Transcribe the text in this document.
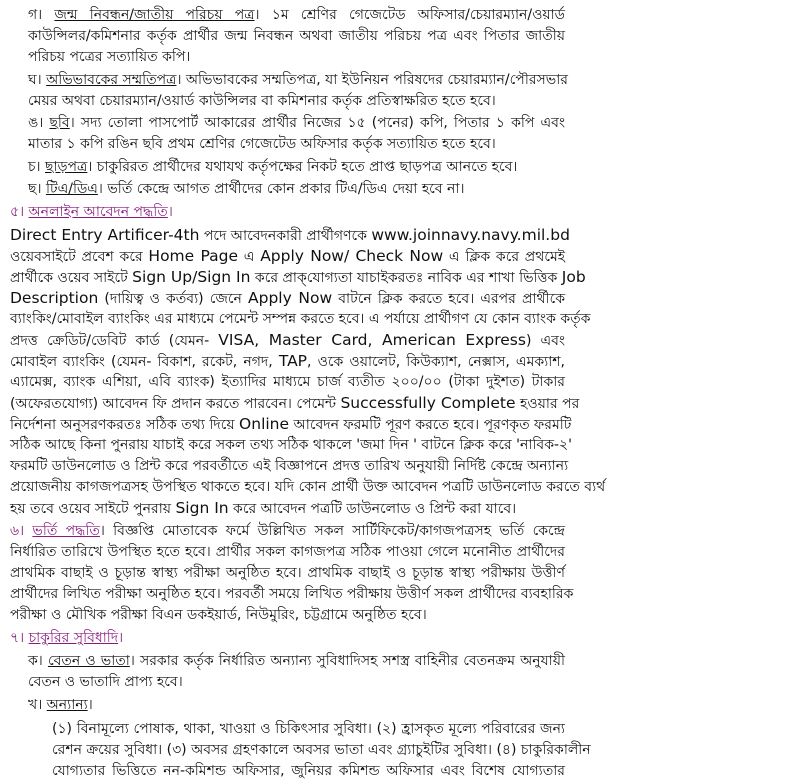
গ। জন্ম নিবন্ধন/জাতীয় পরিচয় পত্র। ১ম শ্রেণির গেজেটেড অফিসার/চেয়ারম্যান/ওয়ার্ড
কাউন্সিলর/কমিশনার কর্তৃক প্রার্থীর জন্ম নিবন্ধন অথবা জাতীয় পরিচয় পত্র এবং পিতার জাতীয়
পরিচয় পত্রের সত্যায়িত কপি।
ঘ। অভিভাবকের সম্মতিপত্র। অভিভাবকের সম্মতিপত্র, যা ইউনিয়ন পরিষদের চেয়ারম্যান/পৌরসভার
মেয়র অথবা চেয়ারম্যান/ওয়ার্ড কাউন্সিলর বা কমিশনার কর্তৃক প্রতিস্বাক্ষরিত হতে হবে।
ঙ। ছবি। সদ্য তোলা পাসপোর্ট আকারের প্রার্থীর নিজের ১৫ (পনের) কপি, পিতার ১ কপি এবং
মাতার ১ কপি রঙিন ছবি প্রথম শ্রেণির গেজেটেড অফিসার কর্তৃক সত্যায়িত হতে হবে।
চ। ছাড়পত্র। চাকুরিরত প্রার্থীদের যথাযথ কর্তৃপক্ষের নিকট হতে প্রাপ্ত ছাড়পত্র আনতে হবে।
ছ। টিএ/ডিএ। ভর্তি কেন্দ্রে আগত প্রার্থীদের কোন প্রকার টিএ/ডিএ দেয়া হবে না।
৫। অনলাইন আবেদন পদ্ধতি।
Direct Entry Artificer-4th পদে আবেদনকারী প্রার্থীগণকে www.joinnavy.navy.mil.bd
ওয়েবসাইটে প্রবেশ করে Home Page এ Apply Now/ Check Now এ ক্লিক করে প্রথমেই
প্রার্থীকে ওয়েব সাইটে Sign Up/Sign In করে প্রাক্‌যোগ্যতা যাচাইকরতঃ নাবিক এর শাখা ভিত্তিক Job
Description (দায়িত্ব ও কর্তব্য) জেনে Apply Now বাটনে ক্লিক করতে হবে। এরপর প্রার্থীকে
ব্যাংকিং/মোবাইল ব্যাংকিং এর মাধ্যমে পেমেন্ট সম্পন্ন করতে হবে। এ পর্যায়ে প্রার্থীগণ যে কোন ব্যাংক কর্তৃক
প্রদত্ত ক্রেডিট/ডেবিট কার্ড (যেমন- VISA, Master Card, American Express) এবং
মোবাইল ব্যাংকিং (যেমন- বিকাশ, রকেট, নগদ, TAP, ওকে ওয়ালেট, কিউক্যাশ, নেক্সাস, এমক্যাশ,
এ্যামেক্স, ব্যাংক এশিয়া, এবি ব্যাংক) ইত্যাদির মাধ্যমে চার্জ ব্যতীত ২০০/০০ (টাকা দুইশত) টাকার
(অফেরতযোগ্য) আবেদন ফি প্রদান করতে পারবেন। পেমেন্ট Successfully Complete হওয়ার পর
নির্দেশনা অনুসরণকরতঃ সঠিক তথ্য দিয়ে Online আবেদন ফরমটি পূরণ করতে হবে। পূরণকৃত ফরমটি
সঠিক আছে কিনা পুনরায় যাচাই করে সকল তথ্য সঠিক থাকলে 'জমা দিন ' বাটনে ক্লিক করে 'নাবিক-২'
ফরমটি ডাউনলোড ও প্রিন্ট করে পরবর্তীতে এই বিজ্ঞাপনে প্রদত্ত তারিখ অনুযায়ী নির্দিষ্ট কেন্দ্রে অন্যান্য
প্রয়োজনীয় কাগজপত্রসহ উপস্থিত থাকতে হবে। যদি কোন প্রার্থী উক্ত আবেদন পত্রটি ডাউনলোড করতে ব্যর্থ
হয় তবে ওয়েব সাইটে পুনরায় Sign In করে আবেদন পত্রটি ডাউনলোড ও প্রিন্ট করা যাবে।
৬। ভর্তি পদ্ধতি। বিজ্ঞপ্তি মোতাবেক ফর্মে উল্লিখিত সকল সার্টিফিকেট/কাগজপত্রসহ ভর্তি কেন্দ্রে
নির্ধারিত তারিখে উপস্থিত হতে হবে। প্রার্থীর সকল কাগজপত্র সঠিক পাওয়া গেলে মনোনীত প্রার্থীদের
প্রাথমিক বাছাই ও চূড়ান্ত স্বাস্থ্য পরীক্ষা অনুষ্ঠিত হবে। প্রাথমিক বাছাই ও চূড়ান্ত স্বাস্থ্য পরীক্ষায় উত্তীর্ণ
প্রার্থীদের লিখিত পরীক্ষা অনুষ্ঠিত হবে। পরবর্তী সময়ে লিখিত পরীক্ষায় উত্তীর্ণ সকল প্রার্থীদের ব্যবহারিক
পরীক্ষা ও মৌখিক পরীক্ষা বিএন ডকইয়ার্ড, নিউমুরিং, চট্টগ্রামে অনুষ্ঠিত হবে।
৭। চাকুরির সুবিধাদি।
ক। বেতন ও ভাতা। সরকার কর্তৃক নির্ধারিত অন্যান্য সুবিধাদিসহ সশস্ত্র বাহিনীর বেতনক্রম অনুযায়ী
বেতন ও ভাতাদি প্রাপ্য হবে।
খ। অন্যান্য।
(১) বিনামূল্যে পোষাক, থাকা, খাওয়া ও চিকিৎসার সুবিধা। (২) হ্রাসকৃত মূল্যে পরিবারের জন্য
রেশন ক্রয়ের সুবিধা। (৩) অবসর গ্রহণকালে অবসর ভাতা এবং গ্র্যাচুইটির সুবিধা। (৪) চাকুরিকালীন
যোগ্যতার ভিত্তিতে নন-কমিশন্ড অফিসার, জুনিয়র কমিশন্ড অফিসার এবং বিশেষ যোগ্যতার
